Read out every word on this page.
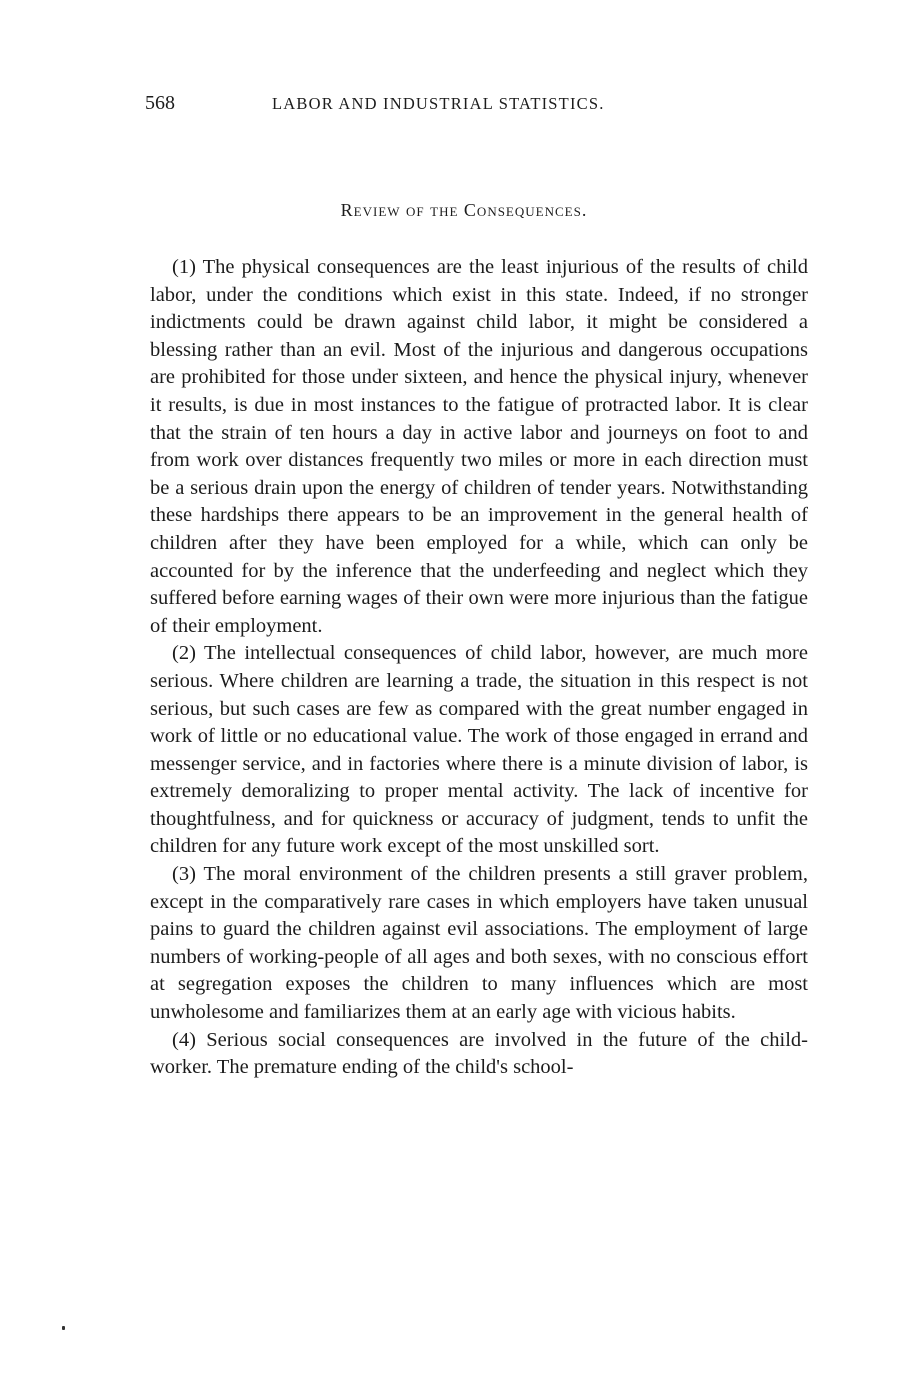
568	LABOR AND INDUSTRIAL STATISTICS.
Review of the Consequences.

(1) The physical consequences are the least injurious of the results of child labor, under the conditions which exist in this state. Indeed, if no stronger indictments could be drawn against child labor, it might be considered a blessing rather than an evil. Most of the injurious and dangerous occupations are prohibited for those under sixteen, and hence the physical injury, whenever it results, is due in most instances to the fatigue of protracted labor. It is clear that the strain of ten hours a day in active labor and journeys on foot to and from work over distances frequently two miles or more in each direction must be a serious drain upon the energy of children of tender years. Notwithstanding these hardships there appears to be an improvement in the general health of children after they have been employed for a while, which can only be accounted for by the inference that the underfeeding and neglect which they suffered before earning wages of their own were more injurious than the fatigue of their employment.

(2) The intellectual consequences of child labor, however, are much more serious. Where children are learning a trade, the situation in this respect is not serious, but such cases are few as compared with the great number engaged in work of little or no educational value. The work of those engaged in errand and messenger service, and in factories where there is a minute division of labor, is extremely demoralizing to proper mental activity. The lack of incentive for thoughtfulness, and for quickness or accuracy of judgment, tends to unfit the children for any future work except of the most unskilled sort.

(3) The moral environment of the children presents a still graver problem, except in the comparatively rare cases in which employers have taken unusual pains to guard the children against evil associations. The employment of large numbers of working-people of all ages and both sexes, with no conscious effort at segregation exposes the children to many influences which are most unwholesome and familiarizes them at an early age with vicious habits.

(4) Serious social consequences are involved in the future of the child-worker. The premature ending of the child's school-
